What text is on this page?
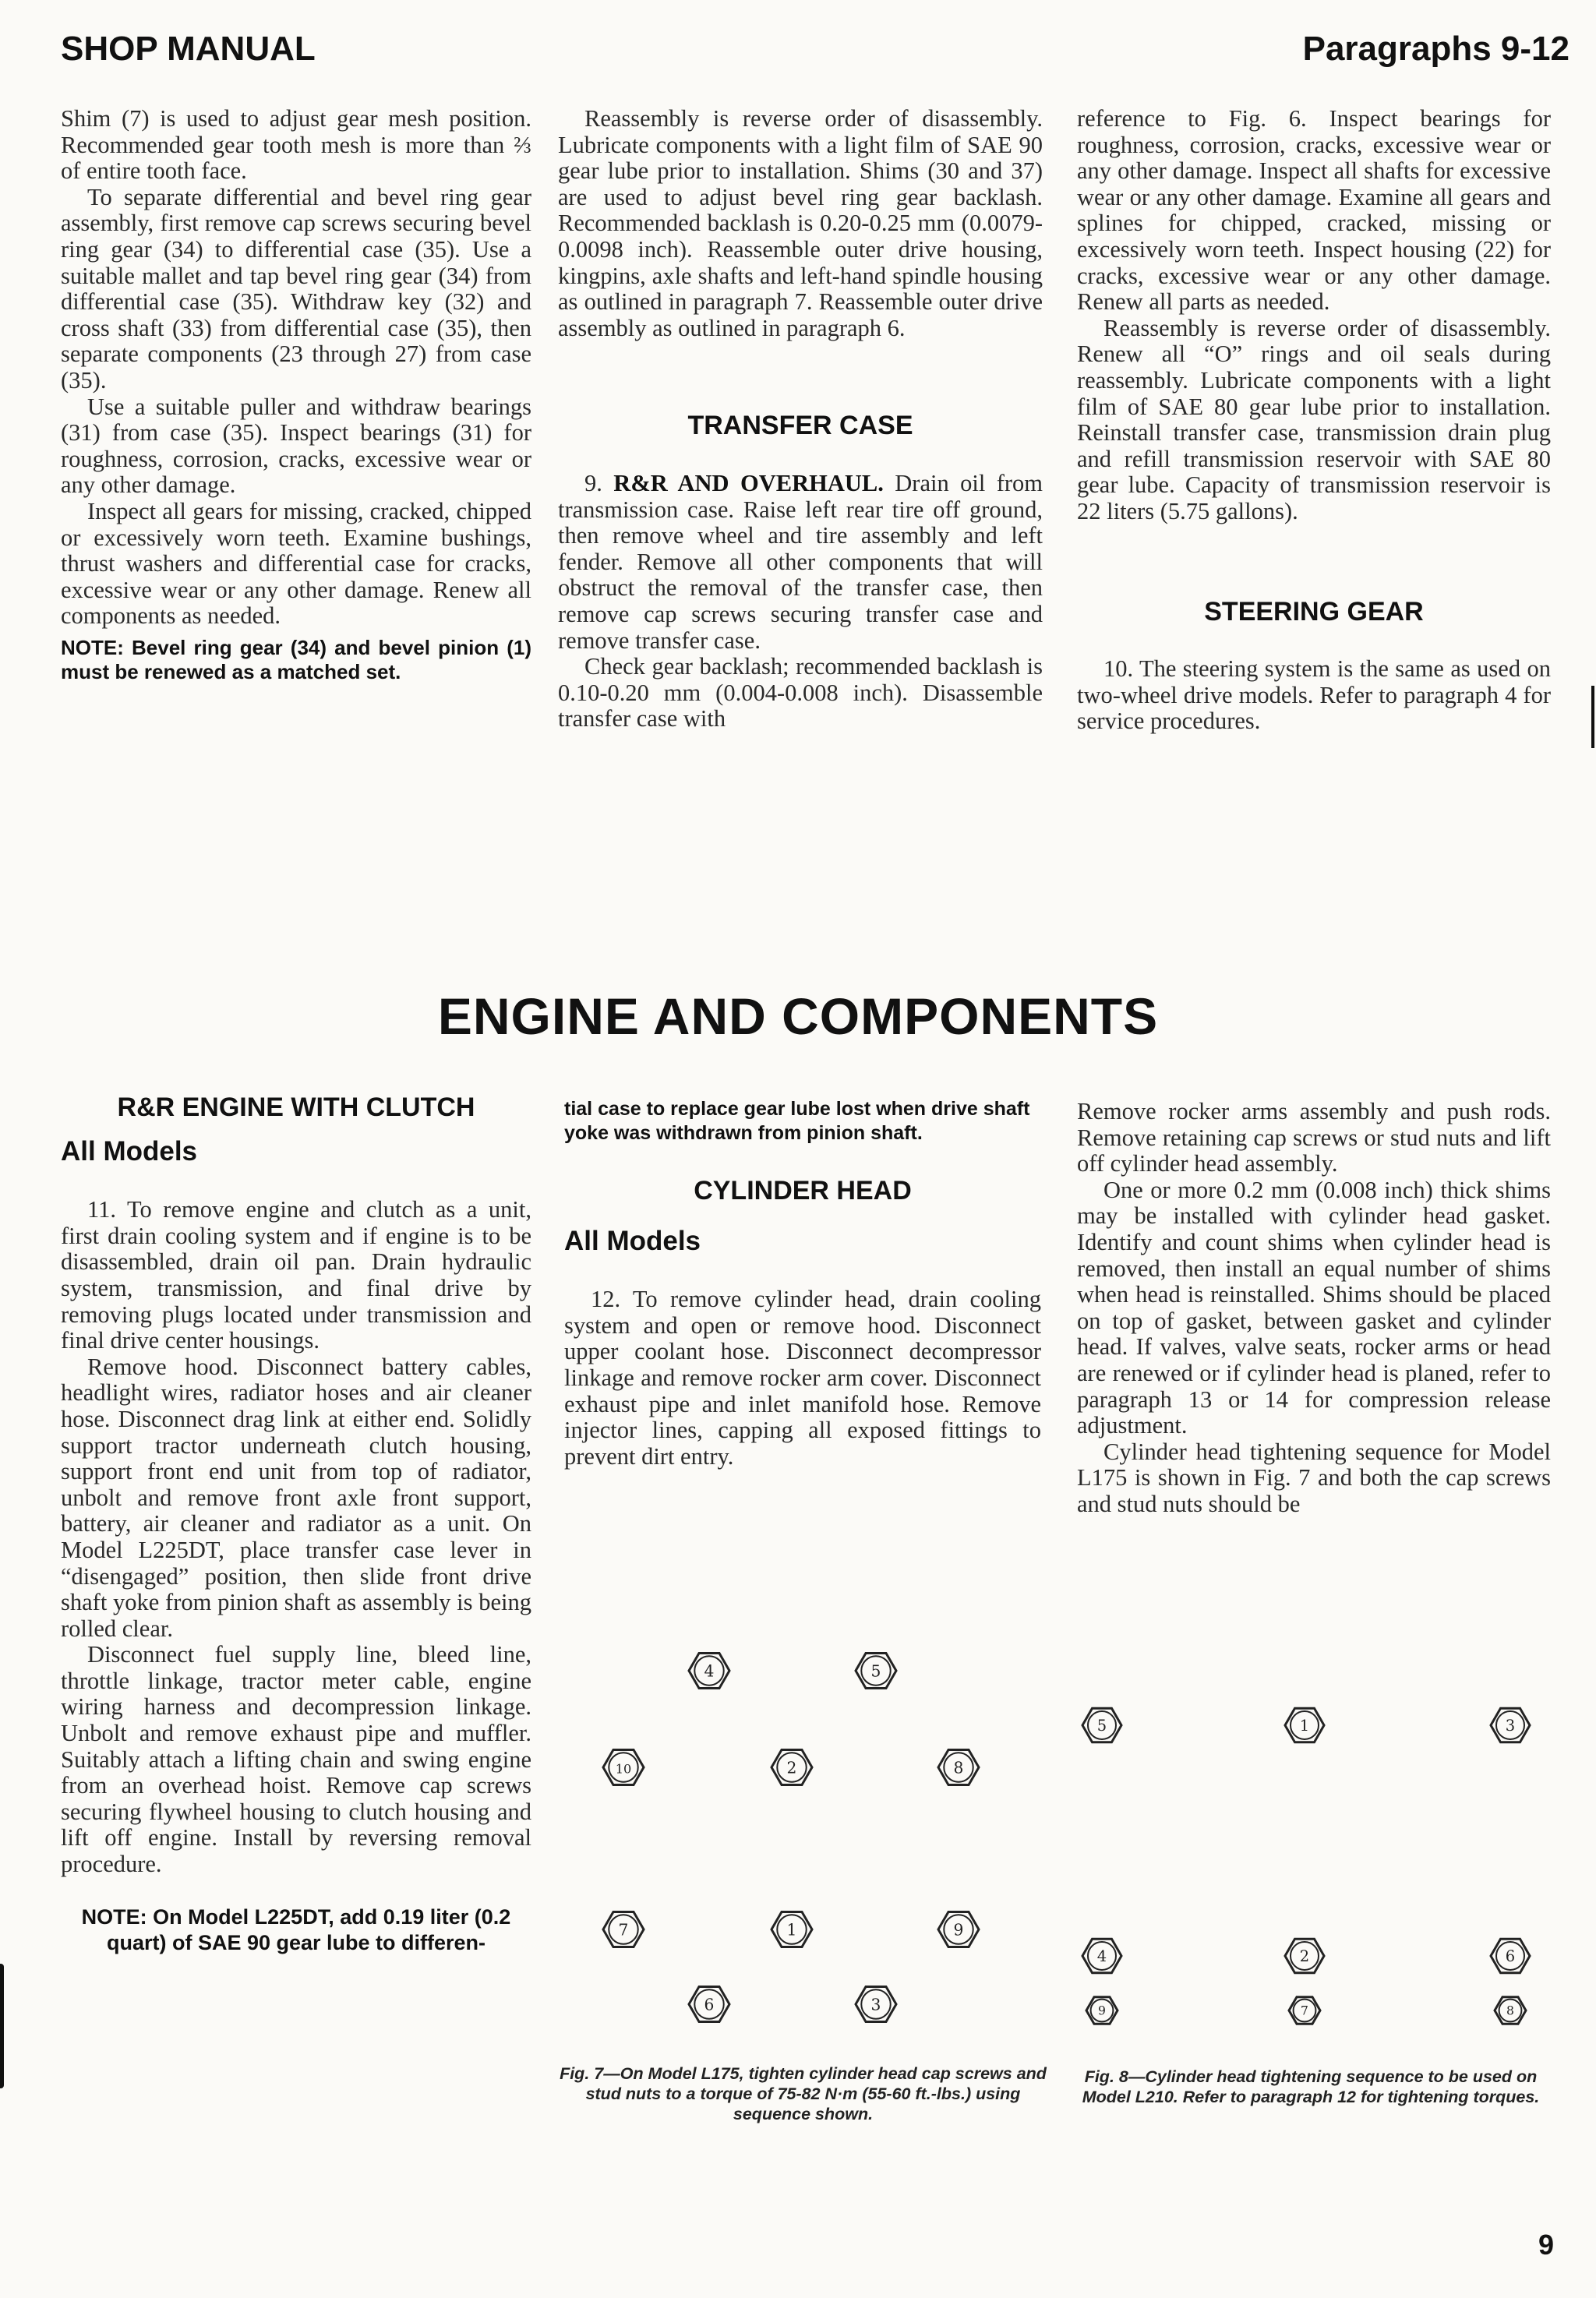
SHOP MANUAL	Paragraphs 9-12

Shim (7) is used to adjust gear mesh position. Recommended gear tooth mesh is more than ⅔ of entire tooth face.

To separate differential and bevel ring gear assembly, first remove cap screws securing bevel ring gear (34) to differential case (35). Use a suitable mallet and tap bevel ring gear (34) from differential case (35). Withdraw key (32) and cross shaft (33) from differential case (35), then separate components (23 through 27) from case (35).

Use a suitable puller and withdraw bearings (31) from case (35). Inspect bearings (31) for roughness, corrosion, cracks, excessive wear or any other damage.

Inspect all gears for missing, cracked, chipped or excessively worn teeth. Examine bushings, thrust washers and differential case for cracks, excessive wear or any other damage. Renew all components as needed.

NOTE: Bevel ring gear (34) and bevel pinion (1) must be renewed as a matched set.

Reassembly is reverse order of disassembly. Lubricate components with a light film of SAE 90 gear lube prior to installation. Shims (30 and 37) are used to adjust bevel ring gear backlash. Recommended backlash is 0.20-0.25 mm (0.0079-0.0098 inch). Reassemble outer drive housing, kingpins, axle shafts and left-hand spindle housing as outlined in paragraph 7. Reassemble outer drive assembly as outlined in paragraph 6.

TRANSFER CASE

9. R&R AND OVERHAUL. Drain oil from transmission case. Raise left rear tire off ground, then remove wheel and tire assembly and left fender. Remove all other components that will obstruct the removal of the transfer case, then remove cap screws securing transfer case and remove transfer case.

Check gear backlash; recommended backlash is 0.10-0.20 mm (0.004-0.008 inch). Disassemble transfer case with

reference to Fig. 6. Inspect bearings for roughness, corrosion, cracks, excessive wear or any other damage. Inspect all shafts for excessive wear or any other damage. Examine all gears and splines for chipped, cracked, missing or excessively worn teeth. Inspect housing (22) for cracks, excessive wear or any other damage. Renew all parts as needed.

Reassembly is reverse order of disassembly. Renew all “O” rings and oil seals during reassembly. Lubricate components with a light film of SAE 80 gear lube prior to installation. Reinstall transfer case, transmission drain plug and refill transmission reservoir with SAE 80 gear lube. Capacity of transmission reservoir is 22 liters (5.75 gallons).

STEERING GEAR

10. The steering system is the same as used on two-wheel drive models. Refer to paragraph 4 for service procedures.

ENGINE AND COMPONENTS
R&R ENGINE WITH CLUTCH
All Models

11. To remove engine and clutch as a unit, first drain cooling system and if engine is to be disassembled, drain oil pan. Drain hydraulic system, transmission, and final drive by removing plugs located under transmission and final drive center housings.

Remove hood. Disconnect battery cables, headlight wires, radiator hoses and air cleaner hose. Disconnect drag link at either end. Solidly support tractor underneath clutch housing, support front end unit from top of radiator, unbolt and remove front axle front support, battery, air cleaner and radiator as a unit. On Model L225DT, place transfer case lever in “disengaged” position, then slide front drive shaft yoke from pinion shaft as assembly is being rolled clear.

Disconnect fuel supply line, bleed line, throttle linkage, tractor meter cable, engine wiring harness and decompression linkage. Unbolt and remove exhaust pipe and muffler. Suitably attach a lifting chain and swing engine from an overhead hoist. Remove cap screws securing flywheel housing to clutch housing and lift off engine. Install by reversing removal procedure.

NOTE: On Model L225DT, add 0.19 liter (0.2 quart) of SAE 90 gear lube to differen-

tial case to replace gear lube lost when drive shaft yoke was withdrawn from pinion shaft.

CYLINDER HEAD
All Models

12. To remove cylinder head, drain cooling system and open or remove hood. Disconnect upper coolant hose. Disconnect decompressor linkage and remove rocker arm cover. Disconnect exhaust pipe and inlet manifold hose. Remove injector lines, capping all exposed fittings to prevent dirt entry.

Remove rocker arms assembly and push rods. Remove retaining cap screws or stud nuts and lift off cylinder head assembly.

One or more 0.2 mm (0.008 inch) thick shims may be installed with cylinder head gasket. Identify and count shims when cylinder head is removed, then install an equal number of shims when head is reinstalled. Shims should be placed on top of gasket, between gasket and cylinder head. If valves, valve seats, rocker arms or head are renewed or if cylinder head is planed, refer to paragraph 13 or 14 for compression release adjustment.

Cylinder head tightening sequence for Model L175 is shown in Fig. 7 and both the cap screws and stud nuts should be

4	5
10	2	8
7	1	9
6	3
Fig. 7—On Model L175, tighten cylinder head cap screws and stud nuts to a torque of 75-82 N·m (55-60 ft.-lbs.) using sequence shown.
5	1	3
4	2	6
9	7	8
Fig. 8—Cylinder head tightening sequence to be used on Model L210. Refer to paragraph 12 for tightening torques.
9
